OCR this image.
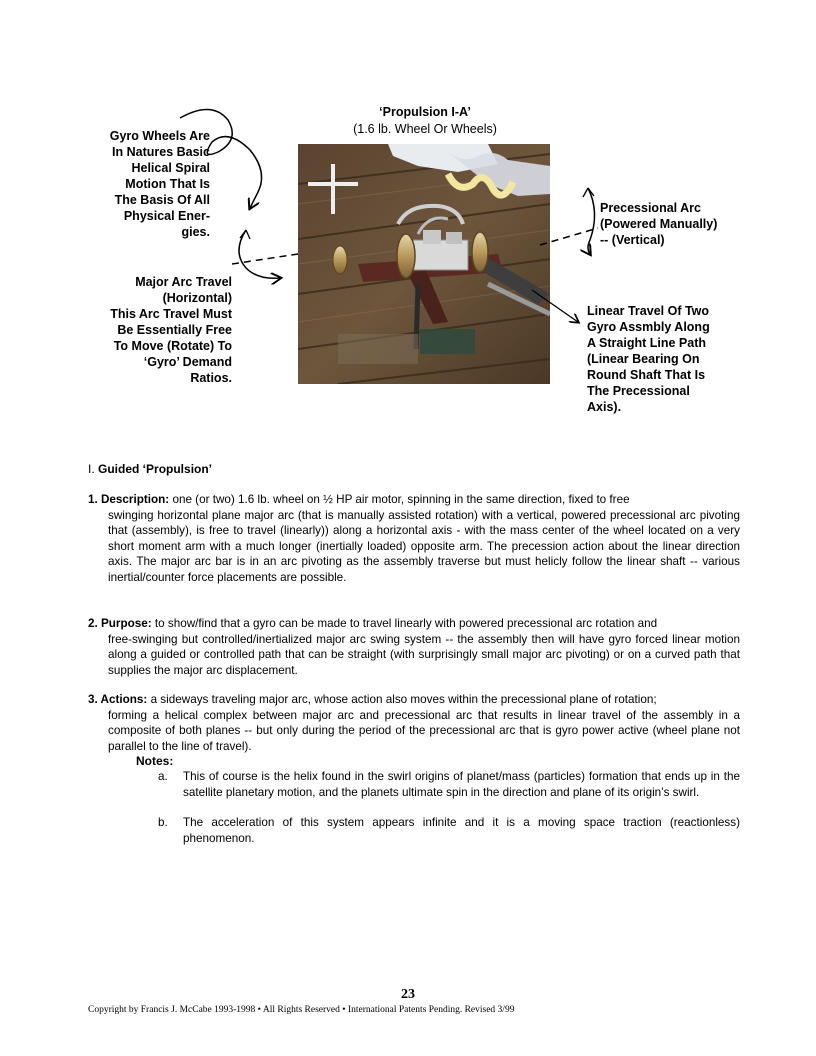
‘Propulsion I-A’
(1.6 lb. Wheel Or Wheels)
Gyro Wheels Are
In Natures Basic
Helical Spiral
Motion That Is
The Basis Of All
Physical Ener-
gies.
Major Arc Travel
(Horizontal)
This Arc Travel Must
Be Essentially Free
To Move (Rotate) To
‘Gyro’ Demand
Ratios.
Precessional Arc
(Powered Manually)
-- (Vertical)
Linear Travel Of Two
Gyro Assmbly Along
A Straight Line Path
(Linear Bearing On
Round Shaft That Is
The Precessional
Axis).
I. Guided ‘Propulsion’
1. Description: one (or two) 1.6 lb. wheel on ½ HP air motor, spinning in the same direction, fixed to free
swinging horizontal plane major arc (that is manually assisted rotation) with a vertical, powered precessional arc pivoting that (assembly), is free to travel (linearly)) along a horizontal axis - with the mass center of the wheel located on a very short moment arm with a much longer (inertially loaded) opposite arm. The precession action about the linear direction axis. The major arc bar is in an arc pivoting as the assembly traverse but must helicly follow the linear shaft -- various inertial/counter force placements are possible.
2. Purpose: to show/find that a gyro can be made to travel linearly with powered precessional arc rotation and
free-swinging but controlled/inertialized major arc swing system -- the assembly then will have gyro forced linear motion along a guided or controlled path that can be straight (with surprisingly small major arc pivoting) or on a curved path that supplies the major arc displacement.
3. Actions: a sideways traveling major arc, whose action also moves within the precessional plane of rotation;
forming a helical complex between major arc and precessional arc that results in linear travel of the assembly in a composite of both planes -- but only during the period of the precessional arc that is gyro power active (wheel plane not parallel to the line of travel).
Notes:
a.	This of course is the helix found in the swirl origins of planet/mass (particles) formation that ends up in the satellite planetary motion, and the planets ultimate spin in the direction and plane of its origin’s swirl.
b.	The acceleration of this system appears infinite and it is a moving space traction (reactionless) phenomenon.
23
Copyright by Francis J. McCabe 1993-1998 • All Rights Reserved • International Patents Pending. Revised 3/99
